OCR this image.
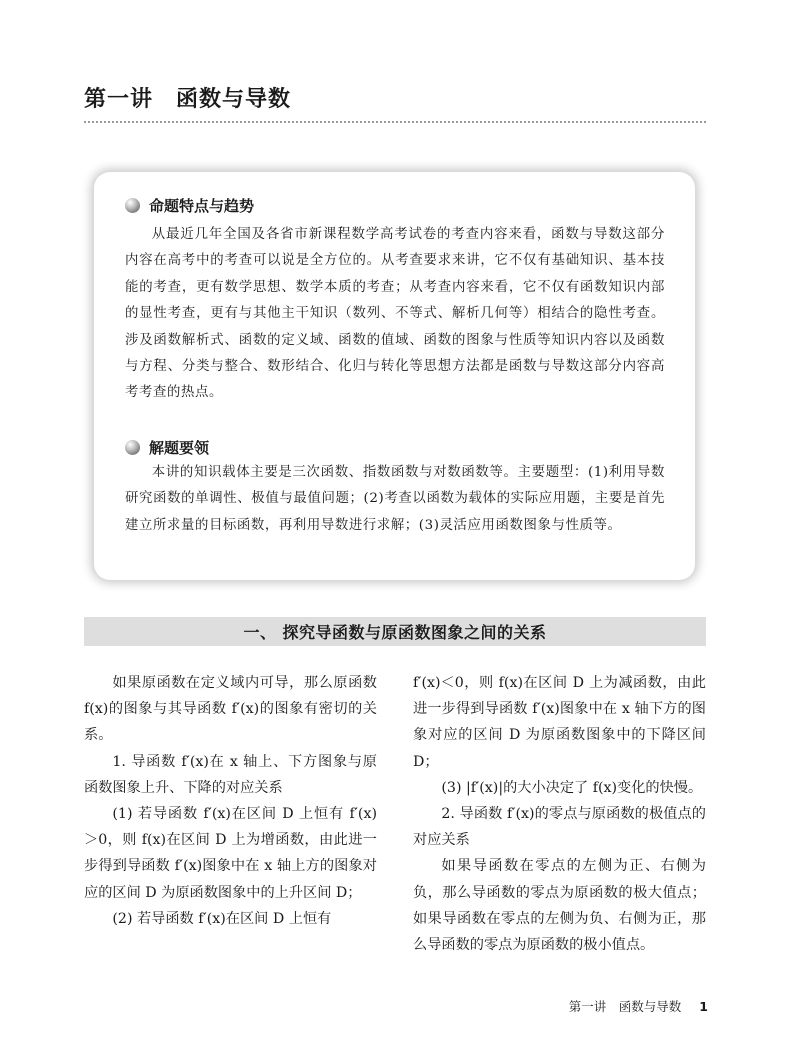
第一讲　函数与导数
命题特点与趋势

从最近几年全国及各省市新课程数学高考试卷的考查内容来看，函数与导数这部分内容在高考中的考查可以说是全方位的。从考查要求来讲，它不仅有基础知识、基本技能的考查，更有数学思想、数学本质的考查；从考查内容来看，它不仅有函数知识内部的显性考查，更有与其他主干知识（数列、不等式、解析几何等）相结合的隐性考查。涉及函数解析式、函数的定义域、函数的值域、函数的图象与性质等知识内容以及函数与方程、分类与整合、数形结合、化归与转化等思想方法都是函数与导数这部分内容高考考查的热点。

解题要领

本讲的知识载体主要是三次函数、指数函数与对数函数等。主要题型：(1)利用导数研究函数的单调性、极值与最值问题；(2)考查以函数为载体的实际应用题，主要是首先建立所求量的目标函数，再利用导数进行求解；(3)灵活应用函数图象与性质等。

一、 探究导函数与原函数图象之间的关系

如果原函数在定义域内可导，那么原函数 f(x)的图象与其导函数 f′(x)的图象有密切的关系。

1. 导函数 f′(x)在 x 轴上、下方图象与原函数图象上升、下降的对应关系

(1) 若导函数 f′(x)在区间 D 上恒有 f′(x)＞0，则 f(x)在区间 D 上为增函数，由此进一步得到导函数 f′(x)图象中在 x 轴上方的图象对应的区间 D 为原函数图象中的上升区间 D；

(2) 若导函数 f′(x)在区间 D 上恒有

f′(x)＜0，则 f(x)在区间 D 上为减函数，由此进一步得到导函数 f′(x)图象中在 x 轴下方的图象对应的区间 D 为原函数图象中的下降区间 D；

(3) |f′(x)|的大小决定了 f(x)变化的快慢。

2. 导函数 f′(x)的零点与原函数的极值点的对应关系

如果导函数在零点的左侧为正、右侧为负，那么导函数的零点为原函数的极大值点；如果导函数在零点的左侧为负、右侧为正，那么导函数的零点为原函数的极小值点。

第一讲　函数与导数 1
